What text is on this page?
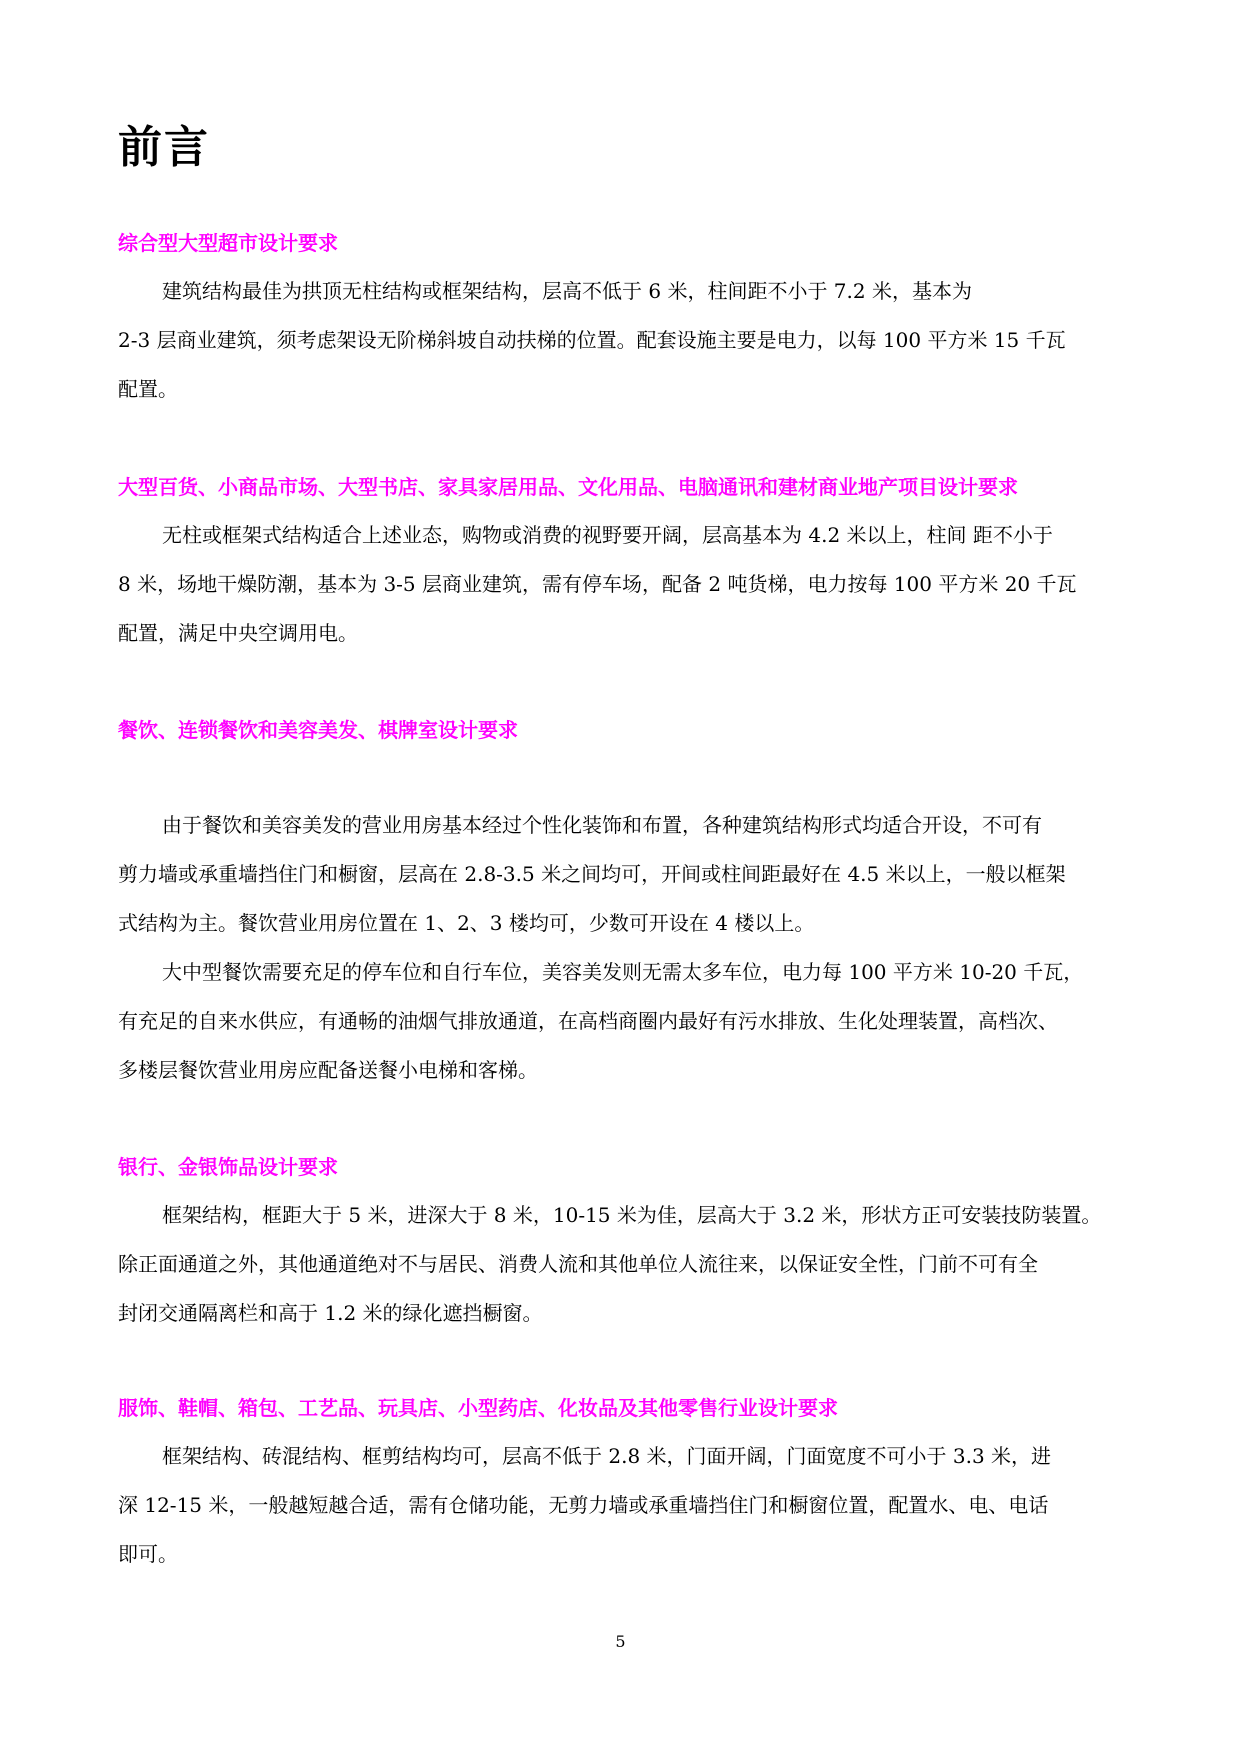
前言
综合型大型超市设计要求
建筑结构最佳为拱顶无柱结构或框架结构，层高不低于 6 米，柱间距不小于 7.2 米，基本为
2-3 层商业建筑，须考虑架设无阶梯斜坡自动扶梯的位置。配套设施主要是电力，以每 100 平方米 15 千瓦
配置。
大型百货、小商品市场、大型书店、家具家居用品、文化用品、电脑通讯和建材商业地产项目设计要求
无柱或框架式结构适合上述业态，购物或消费的视野要开阔，层高基本为 4.2 米以上，柱间 距不小于
8 米，场地干燥防潮，基本为 3-5 层商业建筑，需有停车场，配备 2 吨货梯，电力按每 100 平方米 20 千瓦
配置，满足中央空调用电。
餐饮、连锁餐饮和美容美发、棋牌室设计要求
由于餐饮和美容美发的营业用房基本经过个性化装饰和布置，各种建筑结构形式均适合开设，不可有
剪力墙或承重墙挡住门和橱窗，层高在 2.8-3.5 米之间均可，开间或柱间距最好在 4.5 米以上，一般以框架
式结构为主。餐饮营业用房位置在 1、2、3 楼均可，少数可开设在 4 楼以上。
大中型餐饮需要充足的停车位和自行车位，美容美发则无需太多车位，电力每 100 平方米 10-20 千瓦，
有充足的自来水供应，有通畅的油烟气排放通道，在高档商圈内最好有污水排放、生化处理装置，高档次、
多楼层餐饮营业用房应配备送餐小电梯和客梯。
银行、金银饰品设计要求
框架结构，框距大于 5 米，进深大于 8 米，10-15 米为佳，层高大于 3.2 米，形状方正可安装技防装置。
除正面通道之外，其他通道绝对不与居民、消费人流和其他单位人流往来，以保证安全性，门前不可有全
封闭交通隔离栏和高于 1.2 米的绿化遮挡橱窗。
服饰、鞋帽、箱包、工艺品、玩具店、小型药店、化妆品及其他零售行业设计要求
框架结构、砖混结构、框剪结构均可，层高不低于 2.8 米，门面开阔，门面宽度不可小于 3.3 米，进
深 12-15 米，一般越短越合适，需有仓储功能，无剪力墙或承重墙挡住门和橱窗位置，配置水、电、电话
即可。
5
